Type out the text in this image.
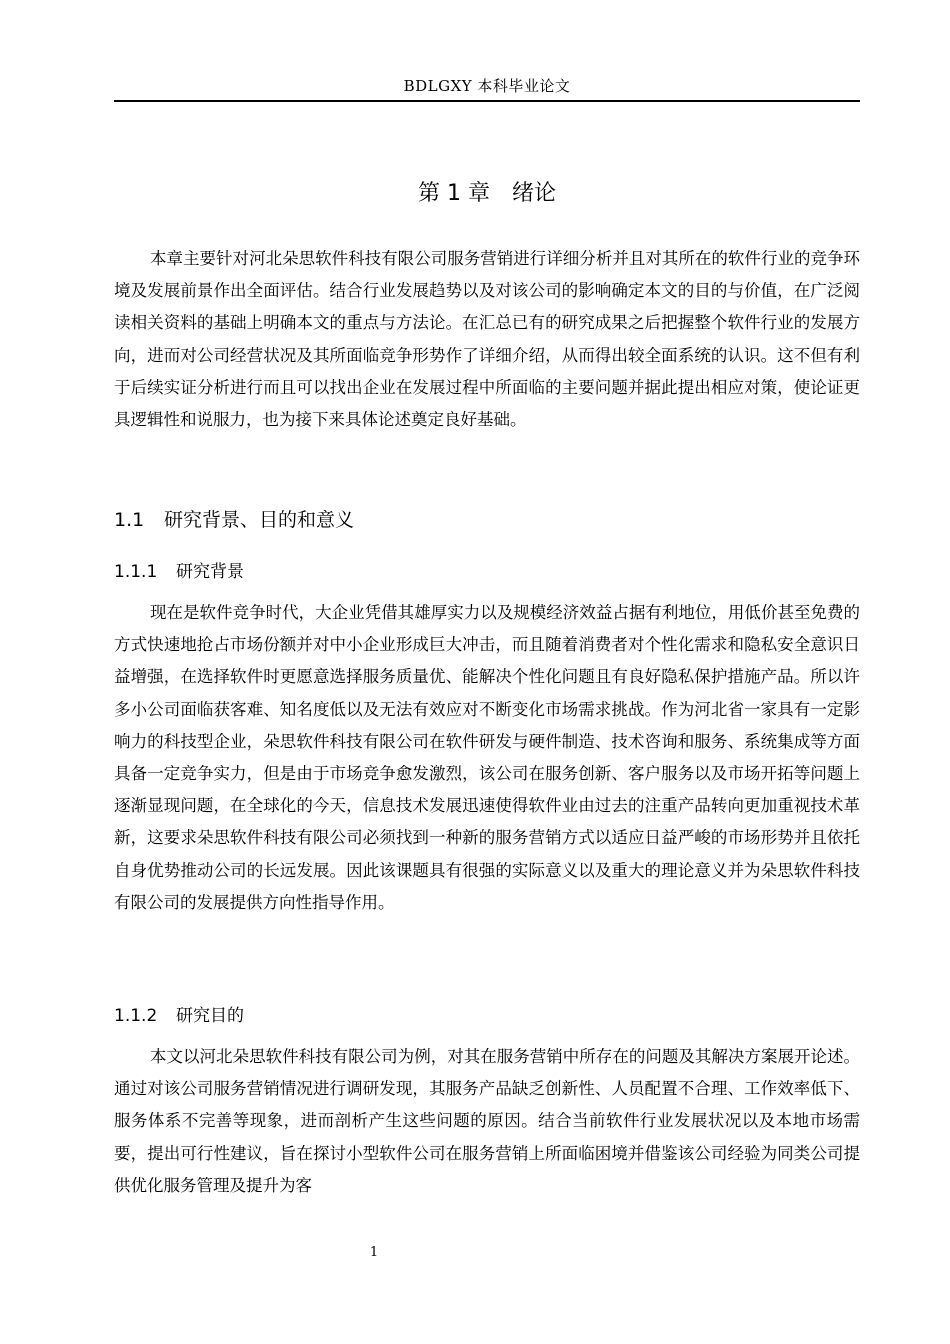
BDLGXY 本科毕业论文
第 1 章 绪论

本章主要针对河北朵思软件科技有限公司服务营销进行详细分析并且对其所在的软件行业的竞争环境及发展前景作出全面评估。结合行业发展趋势以及对该公司的影响确定本文的目的与价值，在广泛阅读相关资料的基础上明确本文的重点与方法论。在汇总已有的研究成果之后把握整个软件行业的发展方向，进而对公司经营状况及其所面临竞争形势作了详细介绍，从而得出较全面系统的认识。这不但有利于后续实证分析进行而且可以找出企业在发展过程中所面临的主要问题并据此提出相应对策，使论证更具逻辑性和说服力，也为接下来具体论述奠定良好基础。

1.1 研究背景、目的和意义
1.1.1 研究背景

现在是软件竞争时代，大企业凭借其雄厚实力以及规模经济效益占据有利地位，用低价甚至免费的方式快速地抢占市场份额并对中小企业形成巨大冲击，而且随着消费者对个性化需求和隐私安全意识日益增强，在选择软件时更愿意选择服务质量优、能解决个性化问题且有良好隐私保护措施产品。所以许多小公司面临获客难、知名度低以及无法有效应对不断变化市场需求挑战。作为河北省一家具有一定影响力的科技型企业，朵思软件科技有限公司在软件研发与硬件制造、技术咨询和服务、系统集成等方面具备一定竞争实力，但是由于市场竞争愈发激烈，该公司在服务创新、客户服务以及市场开拓等问题上逐渐显现问题，在全球化的今天，信息技术发展迅速使得软件业由过去的注重产品转向更加重视技术革新，这要求朵思软件科技有限公司必须找到一种新的服务营销方式以适应日益严峻的市场形势并且依托自身优势推动公司的长远发展。因此该课题具有很强的实际意义以及重大的理论意义并为朵思软件科技有限公司的发展提供方向性指导作用。

1.1.2 研究目的

本文以河北朵思软件科技有限公司为例，对其在服务营销中所存在的问题及其解决方案展开论述。通过对该公司服务营销情况进行调研发现，其服务产品缺乏创新性、人员配置不合理、工作效率低下、服务体系不完善等现象，进而剖析产生这些问题的原因。结合当前软件行业发展状况以及本地市场需要，提出可行性建议，旨在探讨小型软件公司在服务营销上所面临困境并借鉴该公司经验为同类公司提供优化服务管理及提升为客

1
